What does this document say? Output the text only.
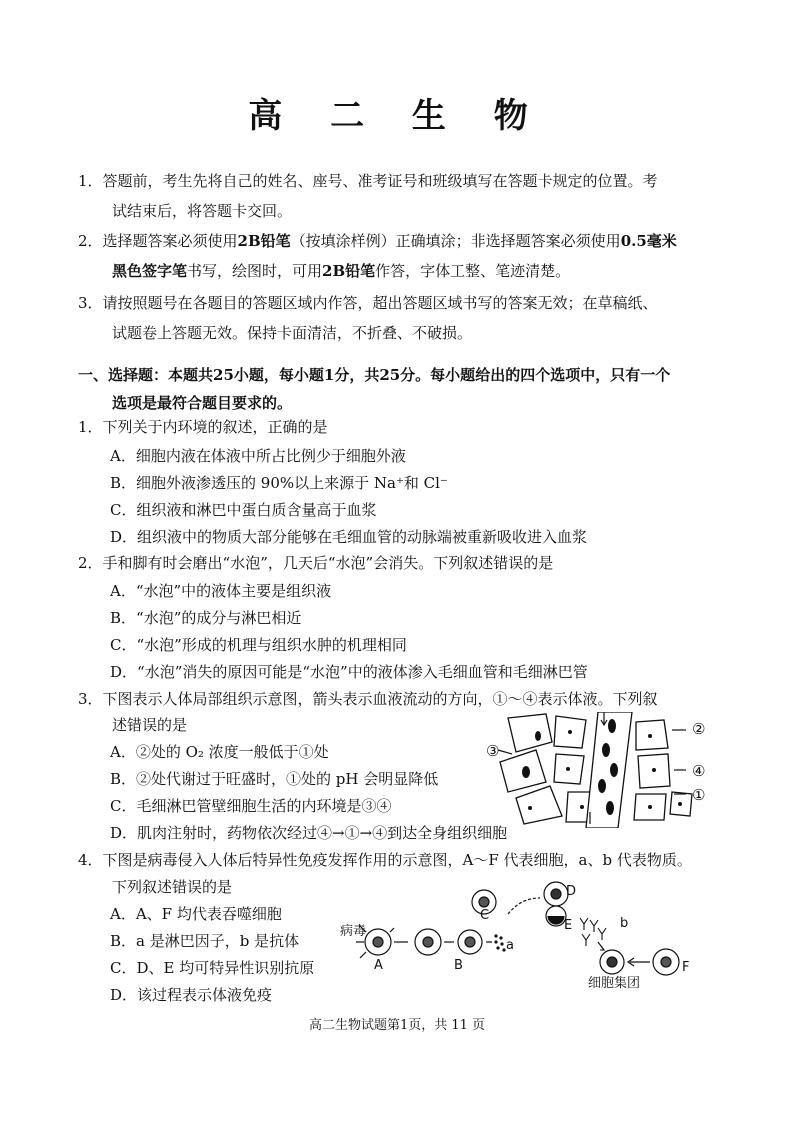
高 二 生 物
1．答题前，考生先将自己的姓名、座号、准考证号和班级填写在答题卡规定的位置。考
试结束后，将答题卡交回。
2．选择题答案必须使用2B铅笔（按填涂样例）正确填涂；非选择题答案必须使用0.5毫米
黑色签字笔书写，绘图时，可用2B铅笔作答，字体工整、笔迹清楚。
3．请按照题号在各题目的答题区域内作答，超出答题区域书写的答案无效；在草稿纸、
试题卷上答题无效。保持卡面清洁，不折叠、不破损。
一、选择题：本题共25小题，每小题1分，共25分。每小题给出的四个选项中，只有一个
选项是最符合题目要求的。
1．下列关于内环境的叙述，正确的是
A．细胞内液在体液中所占比例少于细胞外液
B．细胞外液渗透压的 90%以上来源于 Na⁺和 Cl⁻
C．组织液和淋巴中蛋白质含量高于血浆
D．组织液中的物质大部分能够在毛细血管的动脉端被重新吸收进入血浆
2．手和脚有时会磨出“水泡”，几天后“水泡”会消失。下列叙述错误的是
A．“水泡”中的液体主要是组织液
B．“水泡”的成分与淋巴相近
C．“水泡”形成的机理与组织水肿的机理相同
D．“水泡”消失的原因可能是“水泡”中的液体渗入毛细血管和毛细淋巴管
3．下图表示人体局部组织示意图，箭头表示血液流动的方向，①～④表示体液。下列叙
述错误的是
A．②处的 O₂ 浓度一般低于①处
B．②处代谢过于旺盛时，①处的 pH 会明显降低
C．毛细淋巴管壁细胞生活的内环境是③④
D．肌肉注射时，药物依次经过④→①→④到达全身组织细胞
②
③
④
①
4．下图是病毒侵入人体后特异性免疫发挥作用的示意图，A～F 代表细胞，a、b 代表物质。
下列叙述错误的是
A．A、F 均代表吞噬细胞
B．a 是淋巴因子，b 是抗体
C．D、E 均可特异性识别抗原
D．该过程表示体液免疫
病毒
A	B
a
C
D
E	b
F
细胞集团
高二生物试题第1页，共 11 页
